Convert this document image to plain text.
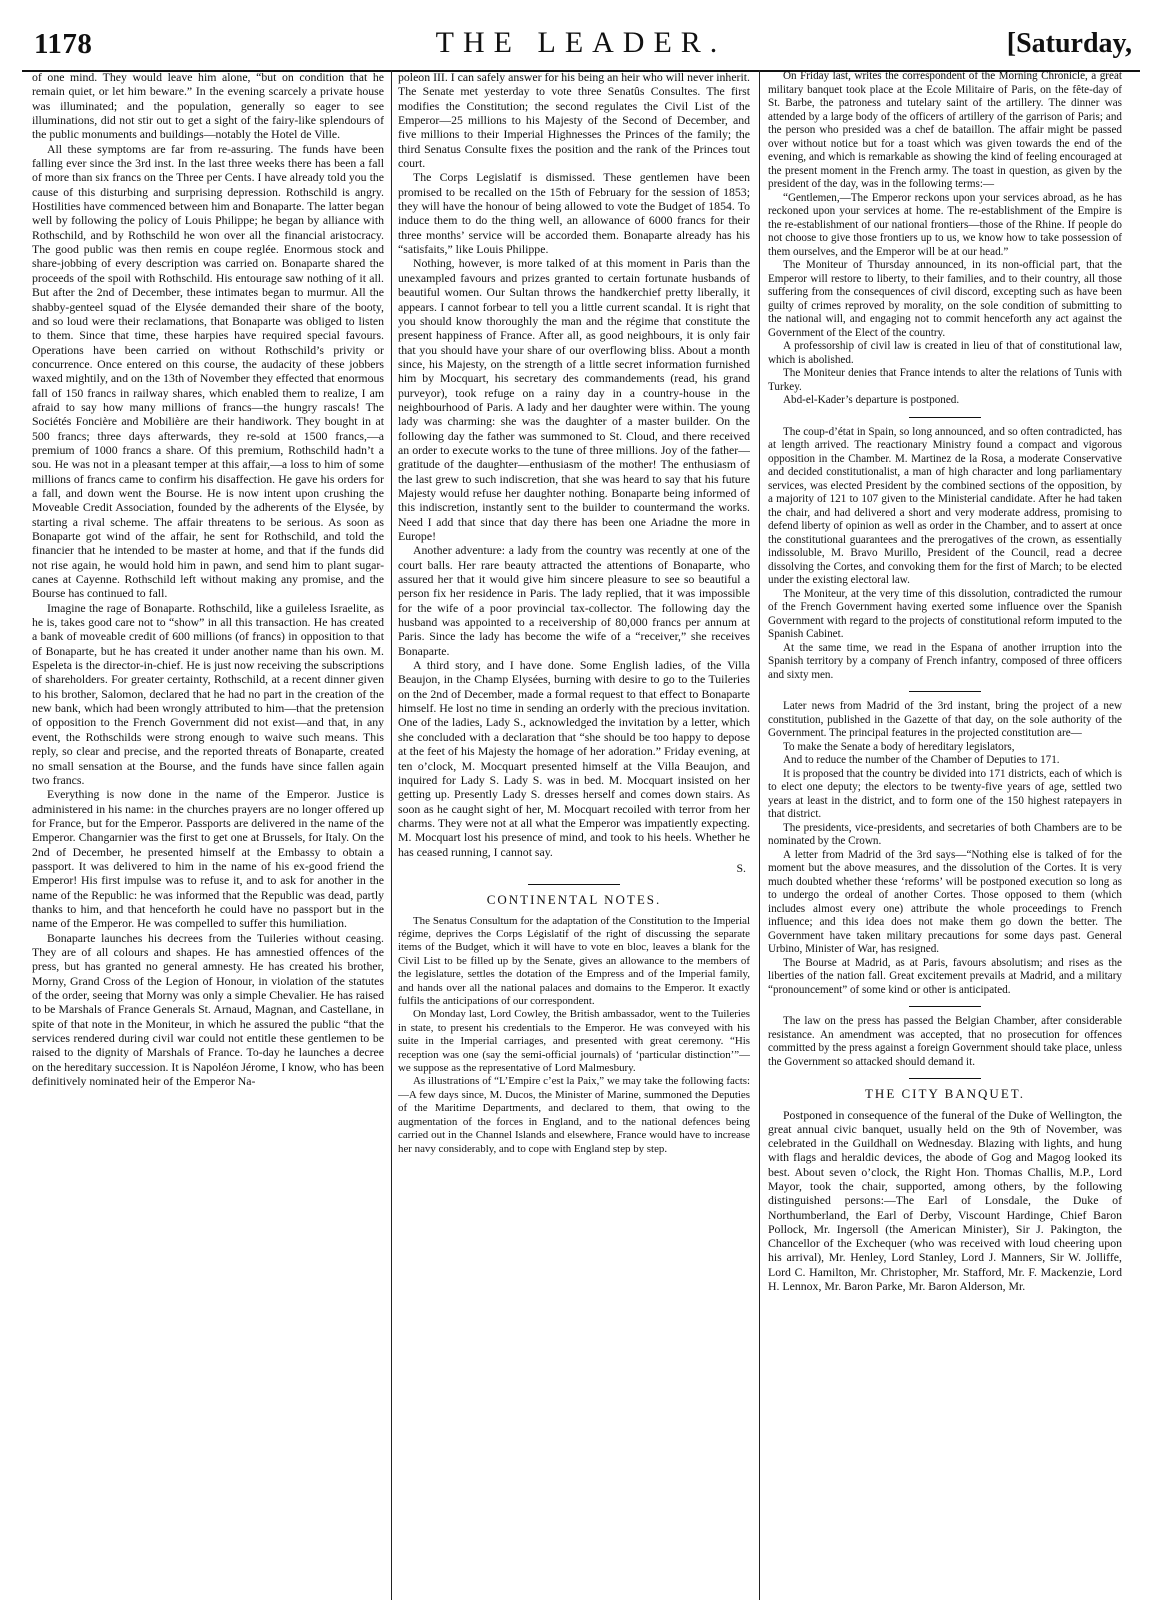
1178	THE LEADER.	[Saturday,

of one mind. They would leave him alone, “but on condition that he remain quiet, or let him beware.” In the evening scarcely a private house was illuminated; and the population, generally so eager to see illuminations, did not stir out to get a sight of the fairy-like splendours of the public monuments and buildings—notably the Hotel de Ville.

All these symptoms are far from re-assuring. The funds have been falling ever since the 3rd inst. In the last three weeks there has been a fall of more than six francs on the Three per Cents. I have already told you the cause of this disturbing and surprising depression. Rothschild is angry. Hostilities have commenced between him and Bonaparte. The latter began well by following the policy of Louis Philippe; he began by alliance with Rothschild, and by Rothschild he won over all the financial aristocracy. The good public was then remis en coupe reglée. Enormous stock and share-jobbing of every description was carried on. Bonaparte shared the proceeds of the spoil with Rothschild. His entourage saw nothing of it all. But after the 2nd of December, these intimates began to murmur. All the shabby-genteel squad of the Elysée demanded their share of the booty, and so loud were their reclamations, that Bonaparte was obliged to listen to them. Since that time, these harpies have required special favours. Operations have been carried on without Rothschild’s privity or concurrence. Once entered on this course, the audacity of these jobbers waxed mightily, and on the 13th of November they effected that enormous fall of 150 francs in railway shares, which enabled them to realize, I am afraid to say how many millions of francs—the hungry rascals! The Sociétés Foncière and Mobilière are their handiwork. They bought in at 500 francs; three days afterwards, they re-sold at 1500 francs,—a premium of 1000 francs a share. Of this premium, Rothschild hadn’t a sou. He was not in a pleasant temper at this affair,—a loss to him of some millions of francs came to confirm his disaffection. He gave his orders for a fall, and down went the Bourse. He is now intent upon crushing the Moveable Credit Association, founded by the adherents of the Elysée, by starting a rival scheme. The affair threatens to be serious. As soon as Bonaparte got wind of the affair, he sent for Rothschild, and told the financier that he intended to be master at home, and that if the funds did not rise again, he would hold him in pawn, and send him to plant sugar-canes at Cayenne. Rothschild left without making any promise, and the Bourse has continued to fall.

Imagine the rage of Bonaparte. Rothschild, like a guileless Israelite, as he is, takes good care not to “show” in all this transaction. He has created a bank of moveable credit of 600 millions (of francs) in opposition to that of Bonaparte, but he has created it under another name than his own. M. Espeleta is the director-in-chief. He is just now receiving the subscriptions of shareholders. For greater certainty, Rothschild, at a recent dinner given to his brother, Salomon, declared that he had no part in the creation of the new bank, which had been wrongly attributed to him—that the pretension of opposition to the French Government did not exist—and that, in any event, the Rothschilds were strong enough to waive such means. This reply, so clear and precise, and the reported threats of Bonaparte, created no small sensation at the Bourse, and the funds have since fallen again two francs.

Everything is now done in the name of the Emperor. Justice is administered in his name: in the churches prayers are no longer offered up for France, but for the Emperor. Passports are delivered in the name of the Emperor. Changarnier was the first to get one at Brussels, for Italy. On the 2nd of December, he presented himself at the Embassy to obtain a passport. It was delivered to him in the name of his ex-good friend the Emperor! His first impulse was to refuse it, and to ask for another in the name of the Republic: he was informed that the Republic was dead, partly thanks to him, and that henceforth he could have no passport but in the name of the Emperor. He was compelled to suffer this humiliation.

Bonaparte launches his decrees from the Tuileries without ceasing. They are of all colours and shapes. He has amnestied offences of the press, but has granted no general amnesty. He has created his brother, Morny, Grand Cross of the Legion of Honour, in violation of the statutes of the order, seeing that Morny was only a simple Chevalier. He has raised to be Marshals of France Generals St. Arnaud, Magnan, and Castellane, in spite of that note in the Moniteur, in which he assured the public “that the services rendered during civil war could not entitle these gentlemen to be raised to the dignity of Marshals of France. To-day he launches a decree on the hereditary succession. It is Napoléon Jérome, I know, who has been definitively nominated heir of the Emperor Na-

poleon III. I can safely answer for his being an heir who will never inherit. The Senate met yesterday to vote three Senatûs Consultes. The first modifies the Constitution; the second regulates the Civil List of the Emperor—25 millions to his Majesty of the Second of December, and five millions to their Imperial Highnesses the Princes of the family; the third Senatus Consulte fixes the position and the rank of the Princes tout court.

The Corps Legislatif is dismissed. These gentlemen have been promised to be recalled on the 15th of February for the session of 1853; they will have the honour of being allowed to vote the Budget of 1854. To induce them to do the thing well, an allowance of 6000 francs for their three months’ service will be accorded them. Bonaparte already has his “satisfaits,” like Louis Philippe.

Nothing, however, is more talked of at this moment in Paris than the unexampled favours and prizes granted to certain fortunate husbands of beautiful women. Our Sultan throws the handkerchief pretty liberally, it appears. I cannot forbear to tell you a little current scandal. It is right that you should know thoroughly the man and the régime that constitute the present happiness of France. After all, as good neighbours, it is only fair that you should have your share of our overflowing bliss. About a month since, his Majesty, on the strength of a little secret information furnished him by Mocquart, his secretary des commandements (read, his grand purveyor), took refuge on a rainy day in a country-house in the neighbourhood of Paris. A lady and her daughter were within. The young lady was charming: she was the daughter of a master builder. On the following day the father was summoned to St. Cloud, and there received an order to execute works to the tune of three millions. Joy of the father—gratitude of the daughter—enthusiasm of the mother! The enthusiasm of the last grew to such indiscretion, that she was heard to say that his future Majesty would refuse her daughter nothing. Bonaparte being informed of this indiscretion, instantly sent to the builder to countermand the works. Need I add that since that day there has been one Ariadne the more in Europe!

Another adventure: a lady from the country was recently at one of the court balls. Her rare beauty attracted the attentions of Bonaparte, who assured her that it would give him sincere pleasure to see so beautiful a person fix her residence in Paris. The lady replied, that it was impossible for the wife of a poor provincial tax-collector. The following day the husband was appointed to a receivership of 80,000 francs per annum at Paris. Since the lady has become the wife of a “receiver,” she receives Bonaparte.

A third story, and I have done. Some English ladies, of the Villa Beaujon, in the Champ Elysées, burning with desire to go to the Tuileries on the 2nd of December, made a formal request to that effect to Bonaparte himself. He lost no time in sending an orderly with the precious invitation. One of the ladies, Lady S., acknowledged the invitation by a letter, which she concluded with a declaration that “she should be too happy to depose at the feet of his Majesty the homage of her adoration.” Friday evening, at ten o’clock, M. Mocquart presented himself at the Villa Beaujon, and inquired for Lady S. Lady S. was in bed. M. Mocquart insisted on her getting up. Presently Lady S. dresses herself and comes down stairs. As soon as he caught sight of her, M. Mocquart recoiled with terror from her charms. They were not at all what the Emperor was impatiently expecting. M. Mocquart lost his presence of mind, and took to his heels. Whether he has ceased running, I cannot say.

S.
CONTINENTAL NOTES.

The Senatus Consultum for the adaptation of the Constitution to the Imperial régime, deprives the Corps Législatif of the right of discussing the separate items of the Budget, which it will have to vote en bloc, leaves a blank for the Civil List to be filled up by the Senate, gives an allowance to the members of the legislature, settles the dotation of the Empress and of the Imperial family, and hands over all the national palaces and domains to the Emperor. It exactly fulfils the anticipations of our correspondent.

On Monday last, Lord Cowley, the British ambassador, went to the Tuileries in state, to present his credentials to the Emperor. He was conveyed with his suite in the Imperial carriages, and presented with great ceremony. “His reception was one (say the semi-official journals) of ‘particular distinction’”—we suppose as the representative of Lord Malmesbury.

As illustrations of “L’Empire c’est la Paix,” we may take the following facts:—A few days since, M. Ducos, the Minister of Marine, summoned the Deputies of the Maritime Departments, and declared to them, that owing to the augmentation of the forces in England, and to the national defences being carried out in the Channel Islands and elsewhere, France would have to increase her navy considerably, and to cope with England step by step.

On Friday last, writes the correspondent of the Morning Chronicle, a great military banquet took place at the Ecole Militaire of Paris, on the fête-day of St. Barbe, the patroness and tutelary saint of the artillery. The dinner was attended by a large body of the officers of artillery of the garrison of Paris; and the person who presided was a chef de bataillon. The affair might be passed over without notice but for a toast which was given towards the end of the evening, and which is remarkable as showing the kind of feeling encouraged at the present moment in the French army. The toast in question, as given by the president of the day, was in the following terms:—

“Gentlemen,—The Emperor reckons upon your services abroad, as he has reckoned upon your services at home. The re-establishment of the Empire is the re-establishment of our national frontiers—those of the Rhine. If people do not choose to give those frontiers up to us, we know how to take possession of them ourselves, and the Emperor will be at our head.”

The Moniteur of Thursday announced, in its non-official part, that the Emperor will restore to liberty, to their families, and to their country, all those suffering from the consequences of civil discord, excepting such as have been guilty of crimes reproved by morality, on the sole condition of submitting to the national will, and engaging not to commit henceforth any act against the Government of the Elect of the country.

A professorship of civil law is created in lieu of that of constitutional law, which is abolished.

The Moniteur denies that France intends to alter the relations of Tunis with Turkey.

Abd-el-Kader’s departure is postponed.

The coup-d’état in Spain, so long announced, and so often contradicted, has at length arrived. The reactionary Ministry found a compact and vigorous opposition in the Chamber. M. Martinez de la Rosa, a moderate Conservative and decided constitutionalist, a man of high character and long parliamentary services, was elected President by the combined sections of the opposition, by a majority of 121 to 107 given to the Ministerial candidate. After he had taken the chair, and had delivered a short and very moderate address, promising to defend liberty of opinion as well as order in the Chamber, and to assert at once the constitutional guarantees and the prerogatives of the crown, as essentially indissoluble, M. Bravo Murillo, President of the Council, read a decree dissolving the Cortes, and convoking them for the first of March; to be elected under the existing electoral law.

The Moniteur, at the very time of this dissolution, contradicted the rumour of the French Government having exerted some influence over the Spanish Government with regard to the projects of constitutional reform imputed to the Spanish Cabinet.

At the same time, we read in the Espana of another irruption into the Spanish territory by a company of French infantry, composed of three officers and sixty men.

Later news from Madrid of the 3rd instant, bring the project of a new constitution, published in the Gazette of that day, on the sole authority of the Government. The principal features in the projected constitution are—

To make the Senate a body of hereditary legislators,

And to reduce the number of the Chamber of Deputies to 171.

It is proposed that the country be divided into 171 districts, each of which is to elect one deputy; the electors to be twenty-five years of age, settled two years at least in the district, and to form one of the 150 highest ratepayers in that district.

The presidents, vice-presidents, and secretaries of both Chambers are to be nominated by the Crown.

A letter from Madrid of the 3rd says—“Nothing else is talked of for the moment but the above measures, and the dissolution of the Cortes. It is very much doubted whether these ‘reforms’ will be postponed execution so long as to undergo the ordeal of another Cortes. Those opposed to them (which includes almost every one) attribute the whole proceedings to French influence; and this idea does not make them go down the better. The Government have taken military precautions for some days past. General Urbino, Minister of War, has resigned.

The Bourse at Madrid, as at Paris, favours absolutism; and rises as the liberties of the nation fall. Great excitement prevails at Madrid, and a military “pronouncement” of some kind or other is anticipated.

The law on the press has passed the Belgian Chamber, after considerable resistance. An amendment was accepted, that no prosecution for offences committed by the press against a foreign Government should take place, unless the Government so attacked should demand it.

THE CITY BANQUET.

Postponed in consequence of the funeral of the Duke of Wellington, the great annual civic banquet, usually held on the 9th of November, was celebrated in the Guildhall on Wednesday. Blazing with lights, and hung with flags and heraldic devices, the abode of Gog and Magog looked its best. About seven o’clock, the Right Hon. Thomas Challis, M.P., Lord Mayor, took the chair, supported, among others, by the following distinguished persons:—The Earl of Lonsdale, the Duke of Northumberland, the Earl of Derby, Viscount Hardinge, Chief Baron Pollock, Mr. Ingersoll (the American Minister), Sir J. Pakington, the Chancellor of the Exchequer (who was received with loud cheering upon his arrival), Mr. Henley, Lord Stanley, Lord J. Manners, Sir W. Jolliffe, Lord C. Hamilton, Mr. Christopher, Mr. Stafford, Mr. F. Mackenzie, Lord H. Lennox, Mr. Baron Parke, Mr. Baron Alderson, Mr.
